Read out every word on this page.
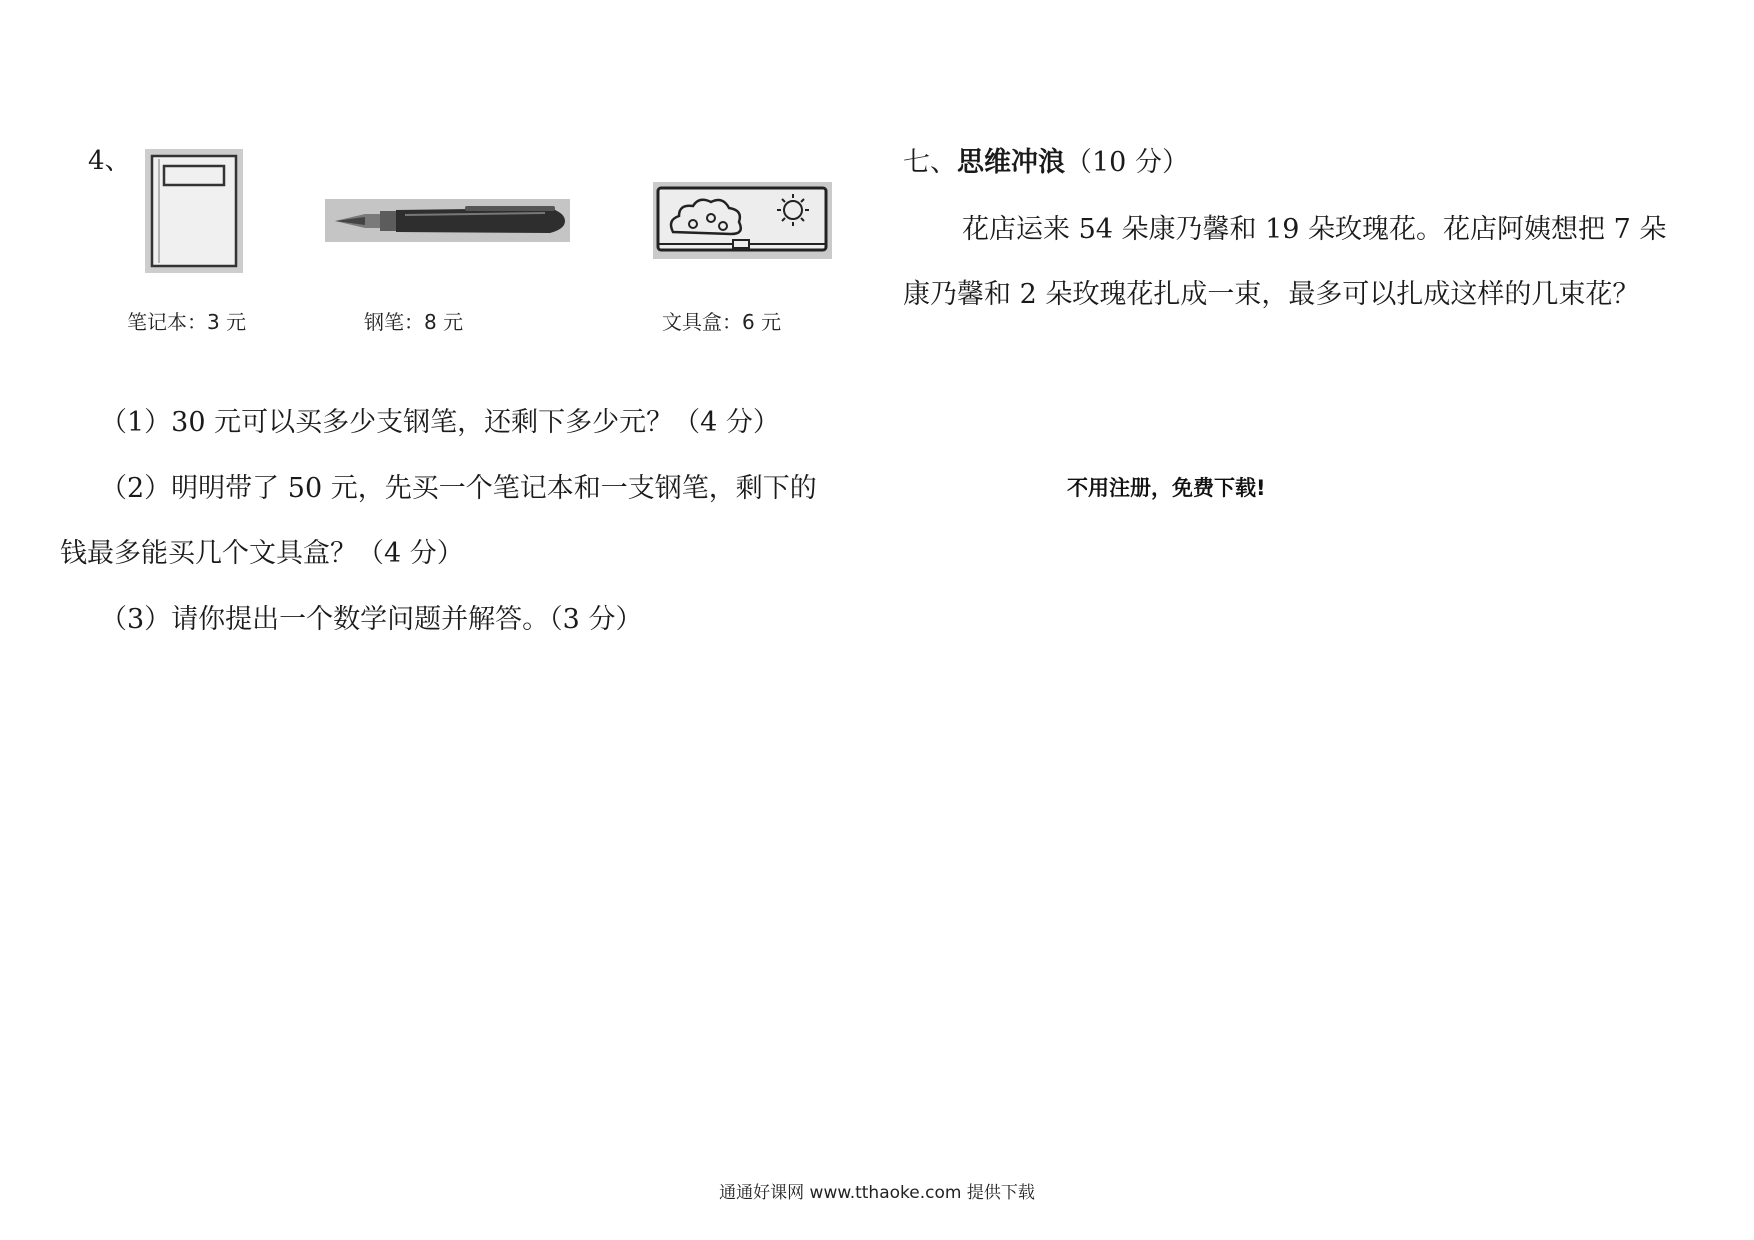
4、
笔记本：3 元	钢笔：8 元	文具盒：6 元
（1）30 元可以买多少支钢笔，还剩下多少元？（4 分）
（2）明明带了 50 元，先买一个笔记本和一支钢笔，剩下的
钱最多能买几个文具盒？（4 分）
（3）请你提出一个数学问题并解答。（3 分）
七、思维冲浪（10 分）
花店运来 54 朵康乃馨和 19 朵玫瑰花。花店阿姨想把 7 朵
康乃馨和 2 朵玫瑰花扎成一束，最多可以扎成这样的几束花？
不用注册，免费下载!
通通好课网 www.tthaoke.com 提供下载
